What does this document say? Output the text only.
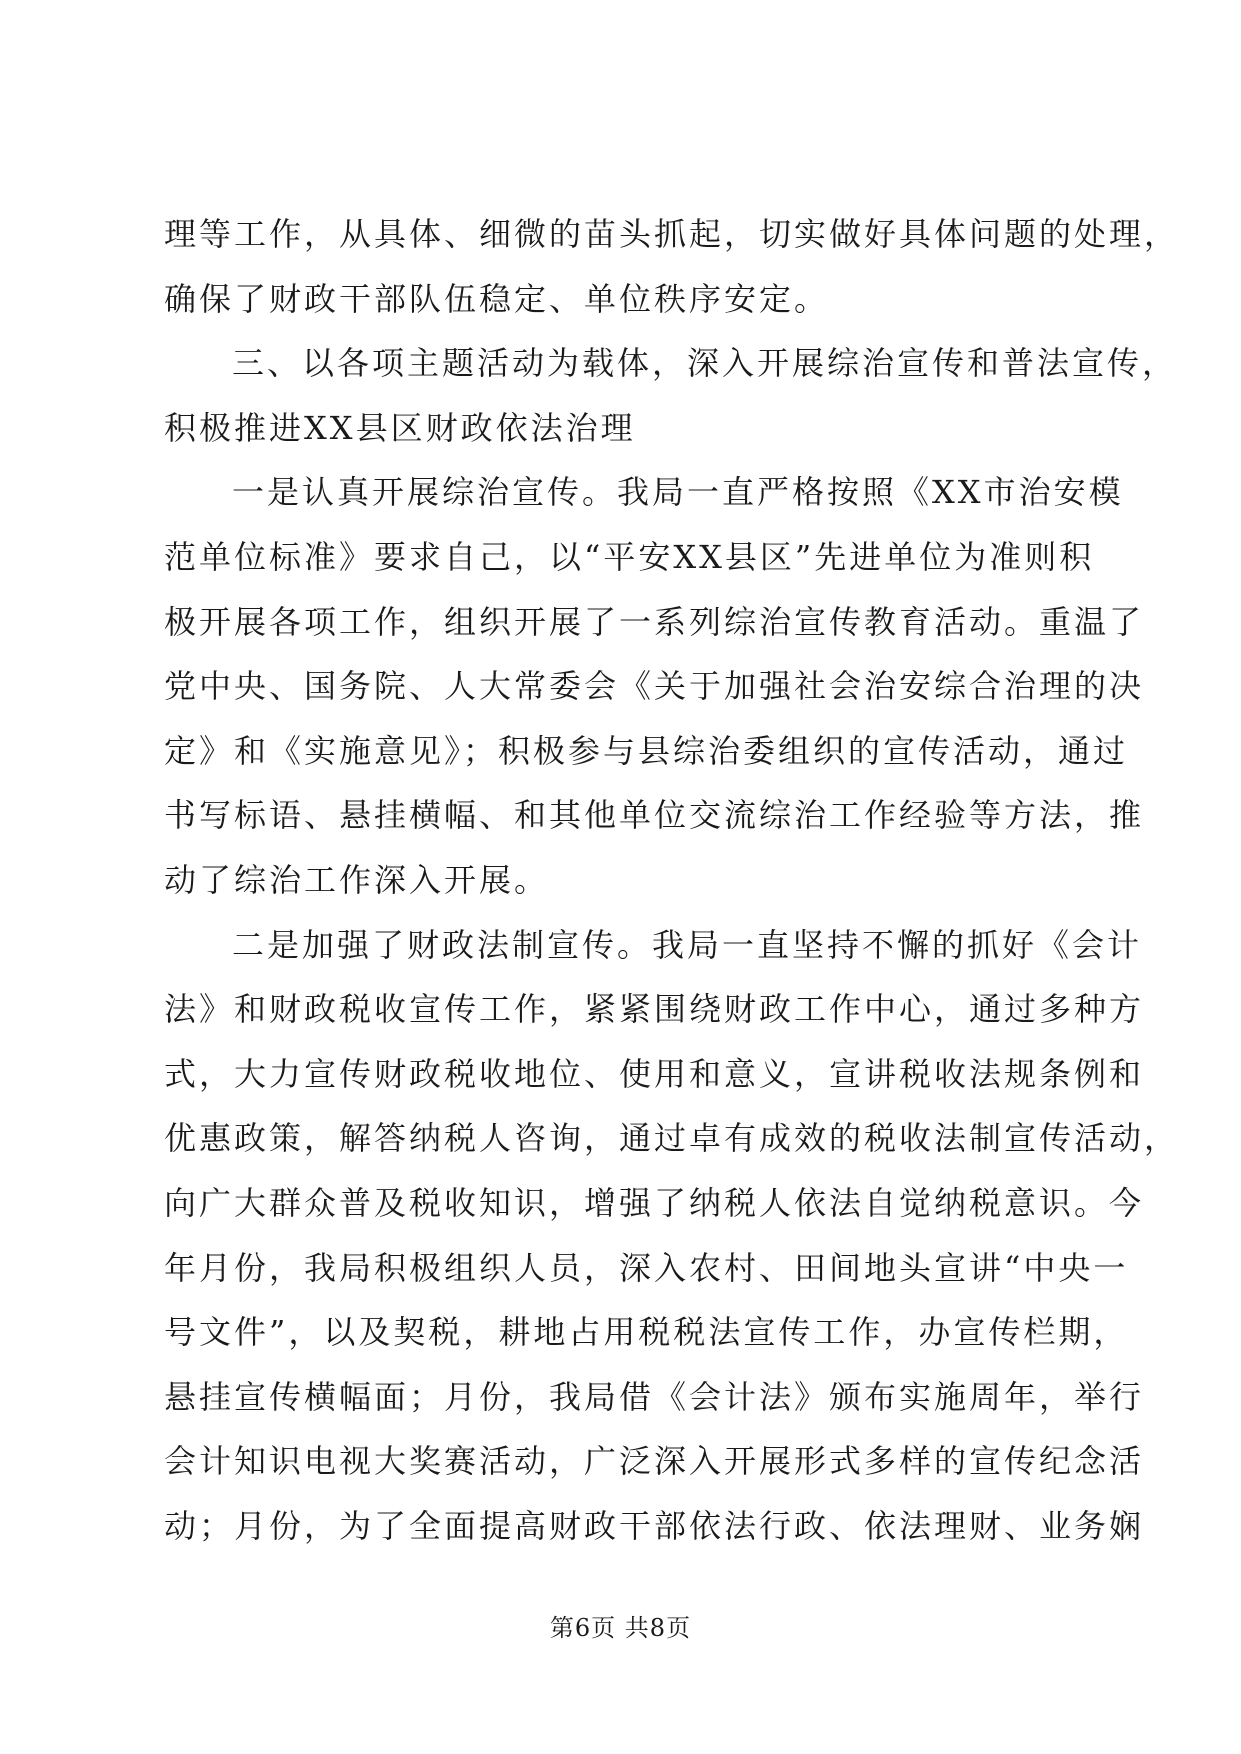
理等工作，从具体、细微的苗头抓起，切实做好具体问题的处理，
确保了财政干部队伍稳定、单位秩序安定。

三、以各项主题活动为载体，深入开展综治宣传和普法宣传，
积极推进XX县区财政依法治理

一是认真开展综治宣传。我局一直严格按照《XX市治安模
范单位标准》要求自己，以“平安XX县区”先进单位为准则积
极开展各项工作，组织开展了一系列综治宣传教育活动。重温了
党中央、国务院、人大常委会《关于加强社会治安综合治理的决
定》和《实施意见》；积极参与县综治委组织的宣传活动，通过
书写标语、悬挂横幅、和其他单位交流综治工作经验等方法，推
动了综治工作深入开展。

二是加强了财政法制宣传。我局一直坚持不懈的抓好《会计
法》和财政税收宣传工作，紧紧围绕财政工作中心，通过多种方
式，大力宣传财政税收地位、使用和意义，宣讲税收法规条例和
优惠政策，解答纳税人咨询，通过卓有成效的税收法制宣传活动，
向广大群众普及税收知识，增强了纳税人依法自觉纳税意识。今
年月份，我局积极组织人员，深入农村、田间地头宣讲“中央一
号文件”，以及契税，耕地占用税税法宣传工作，办宣传栏期，
悬挂宣传横幅面；月份，我局借《会计法》颁布实施周年，举行
会计知识电视大奖赛活动，广泛深入开展形式多样的宣传纪念活
动；月份，为了全面提高财政干部依法行政、依法理财、业务娴

第6页 共8页
